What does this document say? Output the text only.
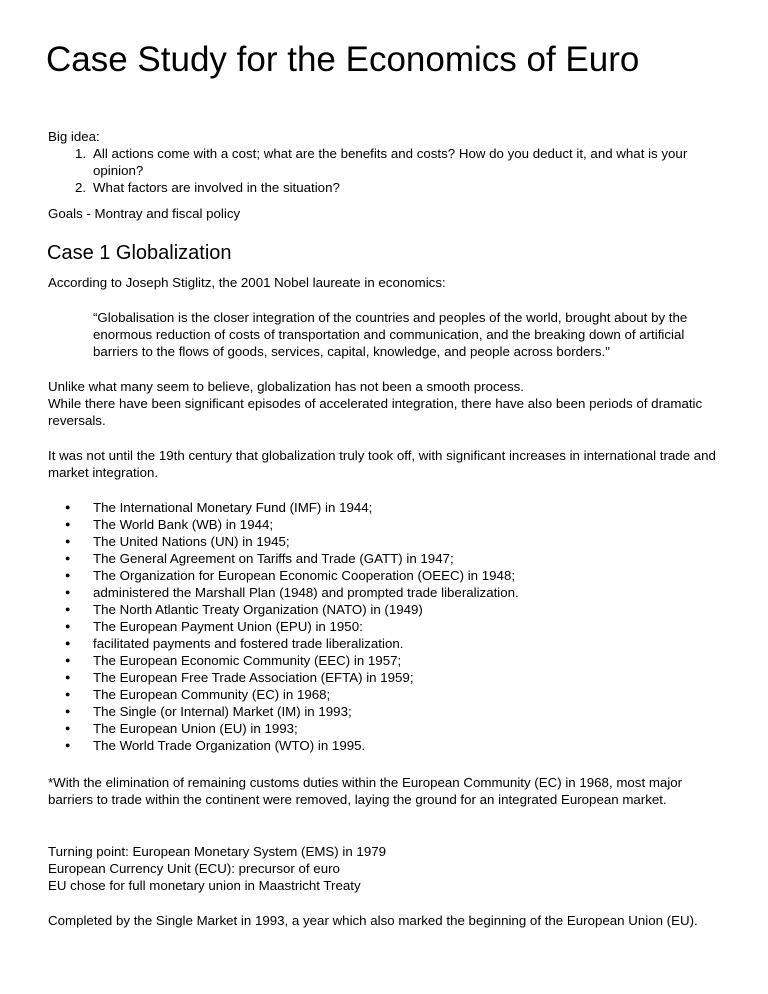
Case Study for the Economics of Euro

Big idea:

1. All actions come with a cost; what are the benefits and costs? How do you deduct it, and what is your opinion?
2. What factors are involved in the situation?

Goals - Montray and fiscal policy

Case 1 Globalization

According to Joseph Stiglitz, the 2001 Nobel laureate in economics:

“Globalisation is the closer integration of the countries and peoples of the world, brought about by the enormous reduction of costs of transportation and communication, and the breaking down of artificial barriers to the flows of goods, services, capital, knowledge, and people across borders."

Unlike what many seem to believe, globalization has not been a smooth process.

While there have been significant episodes of accelerated integration, there have also been periods of dramatic reversals.

It was not until the 19th century that globalization truly took off, with significant increases in international trade and market integration.

● The International Monetary Fund (IMF) in 1944;
● The World Bank (WB) in 1944;
● The United Nations (UN) in 1945;
● The General Agreement on Tariffs and Trade (GATT) in 1947;
● The Organization for European Economic Cooperation (OEEC) in 1948;
● administered the Marshall Plan (1948) and prompted trade liberalization.
● The North Atlantic Treaty Organization (NATO) in (1949)
● The European Payment Union (EPU) in 1950:
● facilitated payments and fostered trade liberalization.
● The European Economic Community (EEC) in 1957;
● The European Free Trade Association (EFTA) in 1959;
● The European Community (EC) in 1968;
● The Single (or Internal) Market (IM) in 1993;
● The European Union (EU) in 1993;
● The World Trade Organization (WTO) in 1995.

*With the elimination of remaining customs duties within the European Community (EC) in 1968, most major barriers to trade within the continent were removed, laying the ground for an integrated European market.

Turning point: European Monetary System (EMS) in 1979

European Currency Unit (ECU): precursor of euro

EU chose for full monetary union in Maastricht Treaty

Completed by the Single Market in 1993, a year which also marked the beginning of the European Union (EU).
